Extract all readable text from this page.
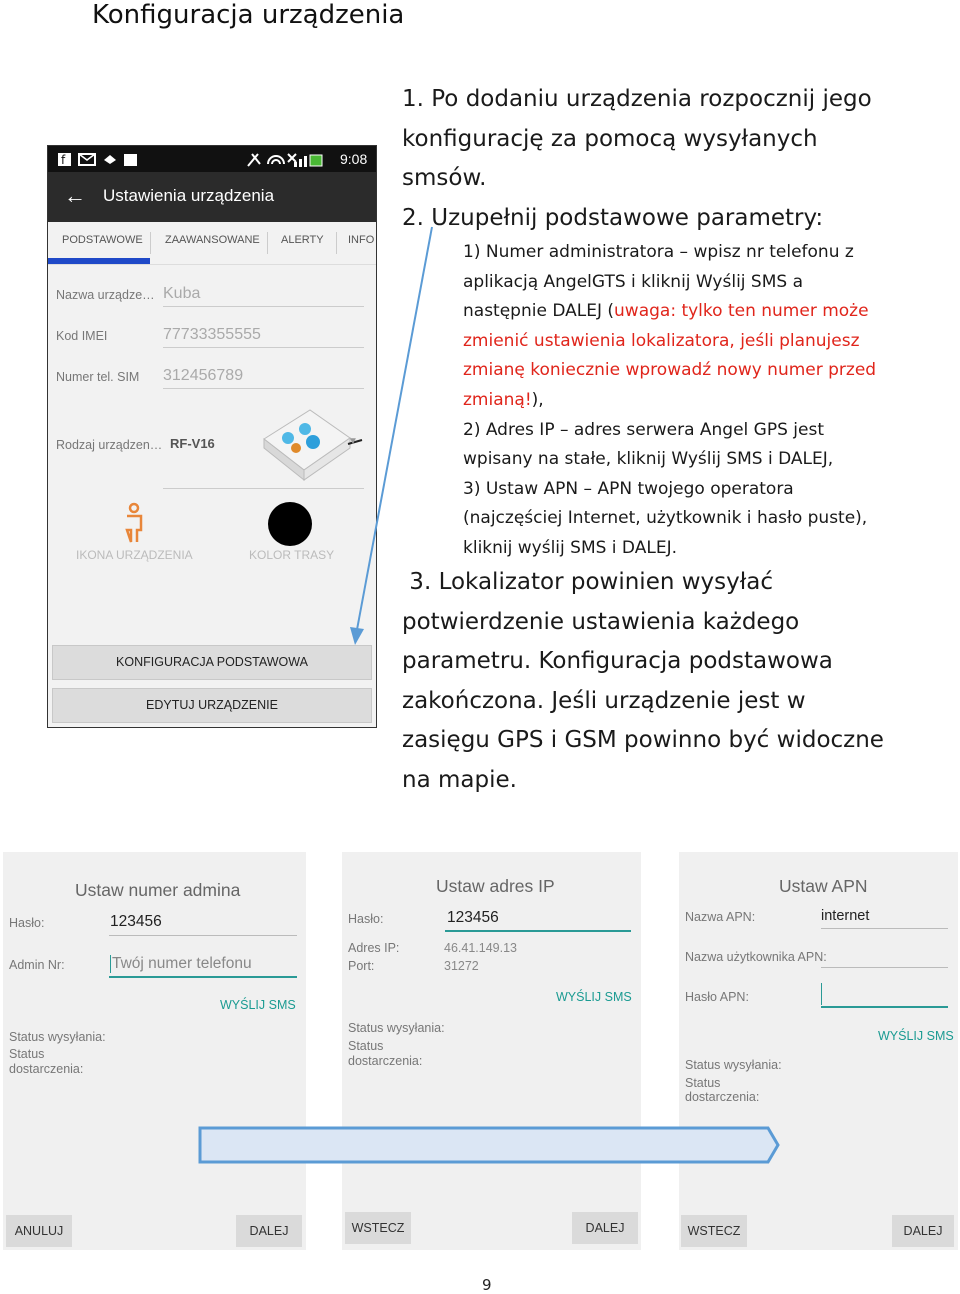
Konfiguracja urządzenia
1. Po dodaniu urządzenia rozpocznij jego
konfigurację za pomocą wysyłanych
smsów.
2. Uzupełnij podstawowe parametry:
1) Numer administratora – wpisz nr telefonu z
aplikacją AngelGTS i kliknij Wyślij SMS a
następnie DALEJ (uwaga: tylko ten numer może
zmienić ustawienia lokalizatora, jeśli planujesz
zmianę koniecznie wprowadź nowy numer przed
zmianą!),
2) Adres IP – adres serwera Angel GPS jest
wpisany na stałe, kliknij Wyślij SMS i DALEJ,
3) Ustaw APN – APN twojego operatora
(najczęściej Internet, użytkownik i hasło puste),
kliknij wyślij SMS i DALEJ.
3. Lokalizator powinien wysyłać
potwierdzenie ustawienia każdego
parametru. Konfiguracja podstawowa
zakończona. Jeśli urządzenie jest w
zasięgu GPS i GSM powinno być widoczne
na mapie.
f	9:08
← Ustawienia urządzenia
PODSTAWOWE ZAAWANSOWANE ALERTY INFO
Nazwa urządze… Kuba
Kod IMEI	77733355555
Numer tel. SIM 312456789
Rodzaj urządzen… RF-V16	▼
IKONA URZĄDZENIA	KOLOR TRASY
KONFIGURACJA PODSTAWOWA
EDYTUJ URZĄDZENIE
Ustaw numer admina
Hasło:	123456
Admin Nr:	Twój numer telefonu
WYŚLIJ SMS
Status wysyłania:
Status
dostarczenia:
ANULUJ	DALEJ
Ustaw adres IP
Hasło:	123456
Adres IP:	46.41.149.13
Port:	31272
WYŚLIJ SMS
Status wysyłania:
Status
dostarczenia:
WSTECZ	DALEJ
Ustaw APN
Nazwa APN:	internet
Nazwa użytkownika APN:
Hasło APN:
WYŚLIJ SMS
Status wysyłania:
Status
dostarczenia:
WSTECZ	DALEJ
9
